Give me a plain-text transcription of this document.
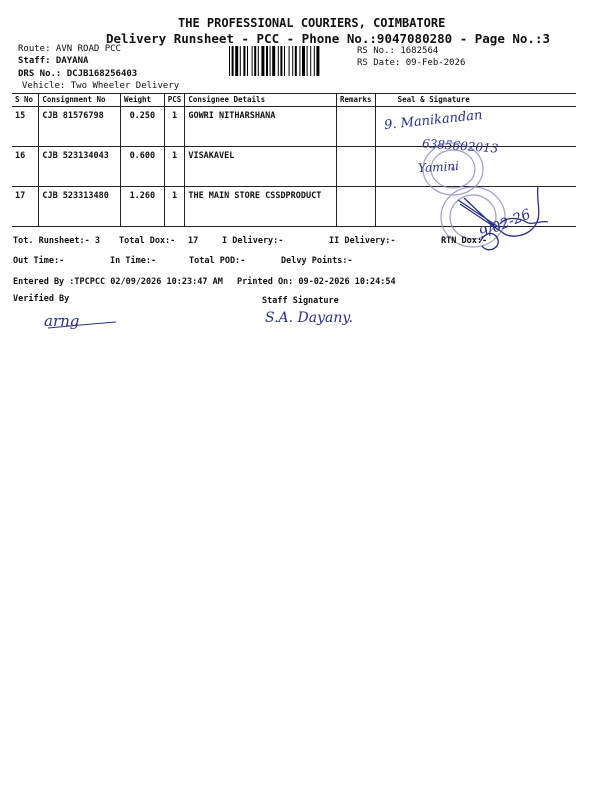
THE PROFESSIONAL COURIERS, COIMBATORE
Delivery Runsheet - PCC - Phone No.:9047080280 - Page No.:3
Route: AVN ROAD PCC
Staff: DAYANA
DRS No.: DCJB168256403
Vehicle: Two Wheeler Delivery
RS No.: 1682564
RS Date: 09-Feb-2026
S No	Consignment No	Weight	PCS	Consignee Details	Remarks	Seal & Signature
15	CJB 81576798	0.250	1	GOWRI NITHARSHANA		
16	CJB 523134043	0.600	1	VISAKAVEL		
17	CJB 523313480	1.260	1	THE MAIN STORE CSSDPRODUCT		
9. Manikandan
6385602013
Yamini
9/02-26
Tot. Runsheet:- 3 Total Dox:- 17	I Delivery:-	II Delivery:-	RTN Dox:-
Out Time:-	In Time:-	Total POD:-	Delvy Points:-
Entered By :TPCPCC 02/09/2026 10:23:47 AM Printed On: 09-02-2026 10:24:54
Verified By	Staff Signature
arng	S.A. Dayany.
